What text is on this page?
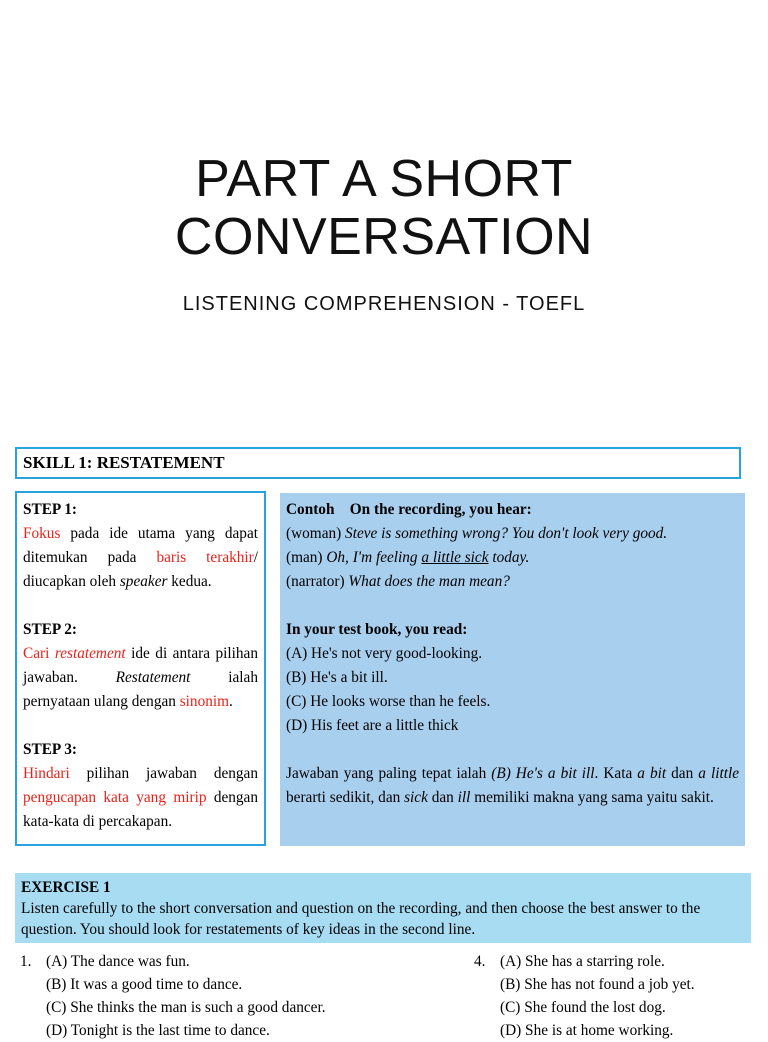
PART A SHORT
CONVERSATION
LISTENING COMPREHENSION - TOEFL
SKILL 1: RESTATEMENT

STEP 1:

Fokus pada ide utama yang dapat ditemukan pada baris terakhir/ diucapkan oleh speaker kedua.

STEP 2:

Cari restatement ide di antara pilihan jawaban. Restatement ialah pernyataan ulang dengan sinonim.

STEP 3:

Hindari pilihan jawaban dengan pengucapan kata yang mirip dengan kata-kata di percakapan.

Contoh    On the recording, you hear:

(woman) Steve is something wrong? You don't look very good.

(man) Oh, I'm feeling a little sick today.

(narrator) What does the man mean?

In your test book, you read:

(A) He's not very good-looking.

(B) He's a bit ill.

(C) He looks worse than he feels.

(D) His feet are a little thick

Jawaban yang paling tepat ialah (B) He's a bit ill. Kata a bit dan a little berarti sedikit, dan sick dan ill memiliki makna yang sama yaitu sakit.

EXERCISE 1
Listen carefully to the short conversation and question on the recording, and then choose the best answer to the question. You should look for restatements of key ideas in the second line.
1. (A) The dance was fun.
(B) It was a good time to dance.
(C) She thinks the man is such a good dancer.
(D) Tonight is the last time to dance.
4. (A) She has a starring role.
(B) She has not found a job yet.
(C) She found the lost dog.
(D) She is at home working.
